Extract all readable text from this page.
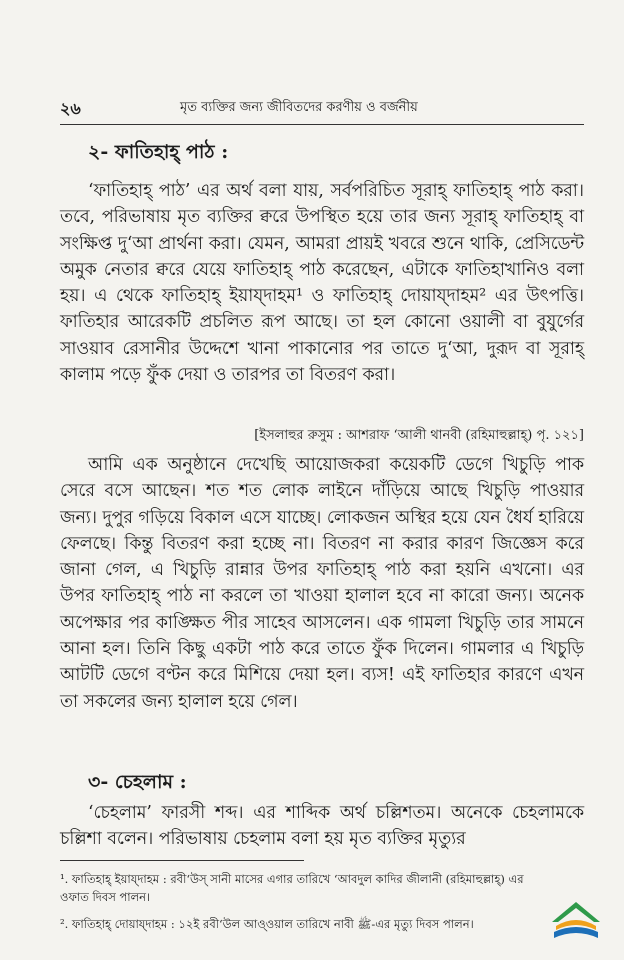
২৬	মৃত ব্যক্তির জন্য জীবিতদের করণীয় ও বর্জনীয়
২- ফাতিহাহ্ পাঠ :
‘ফাতিহাহ্ পাঠ’ এর অর্থ বলা যায়, সর্বপরিচিত সূরাহ্ ফাতিহাহ্ পাঠ করা। তবে, পরিভাষায় মৃত ব্যক্তির ক্বরে উপস্থিত হয়ে তার জন্য সূরাহ্ ফাতিহাহ্ বা সংক্ষিপ্ত দু‘আ প্রার্থনা করা। যেমন, আমরা প্রায়ই খবরে শুনে থাকি, প্রেসিডেন্ট অমুক নেতার ক্বরে যেয়ে ফাতিহাহ্ পাঠ করেছেন, এটাকে ফাতিহাখানিও বলা হয়। এ থেকে ফাতিহাহ্ ইয়ায্দাহম¹ ও ফাতিহাহ্ দোয়ায্দাহম² এর উৎপত্তি। ফাতিহার আরেকটি প্রচলিত রূপ আছে। তা হল কোনো ওয়ালী বা বুযুর্গের সাওয়াব রেসানীর উদ্দেশে খানা পাকানোর পর তাতে দু‘আ, দুরূদ বা সূরাহ্ কালাম পড়ে ফুঁক দেয়া ও তারপর তা বিতরণ করা।
[ইসলাহুর রুসুম : আশরাফ ‘আলী থানবী (রহিমাহুল্লাহ্) পৃ. ১২১]
আমি এক অনুষ্ঠানে দেখেছি আয়োজকরা কয়েকটি ডেগে খিচুড়ি পাক সেরে বসে আছেন। শত শত লোক লাইনে দাঁড়িয়ে আছে খিচুড়ি পাওয়ার জন্য। দুপুর গড়িয়ে বিকাল এসে যাচ্ছে। লোকজন অস্থির হয়ে যেন ধৈর্য হারিয়ে ফেলছে। কিন্তু বিতরণ করা হচ্ছে না। বিতরণ না করার কারণ জিজ্ঞেস করে জানা গেল, এ খিচুড়ি রান্নার উপর ফাতিহাহ্ পাঠ করা হয়নি এখনো। এর উপর ফাতিহাহ্ পাঠ না করলে তা খাওয়া হালাল হবে না কারো জন্য। অনেক অপেক্ষার পর কাঙ্ক্ষিত পীর সাহেব আসলেন। এক গামলা খিচুড়ি তার সামনে আনা হল। তিনি কিছু একটা পাঠ করে তাতে ফুঁক দিলেন। গামলার এ খিচুড়ি আটটি ডেগে বণ্টন করে মিশিয়ে দেয়া হল। ব্যস! এই ফাতিহার কারণে এখন তা সকলের জন্য হালাল হয়ে গেল।
৩- চেহলাম :
‘চেহলাম’ ফারসী শব্দ। এর শাব্দিক অর্থ চল্লিশতম। অনেকে চেহলামকে চল্লিশা বলেন। পরিভাষায় চেহলাম বলা হয় মৃত ব্যক্তির মৃত্যুর
¹. ফাতিহাহ্ ইয়ায্দাহম : রবী‘উস্ সানী মাসের এগার তারিখে ‘আবদুল কাদির জীলানী (রহিমাহুল্লাহ্) এর ওফাত দিবস পালন।
². ফাতিহাহ্ দোয়ায্দাহম : ১২ই রবী‘উল আও্ওয়াল তারিখে নাবী ﷺ-এর মৃত্যু দিবস পালন।
